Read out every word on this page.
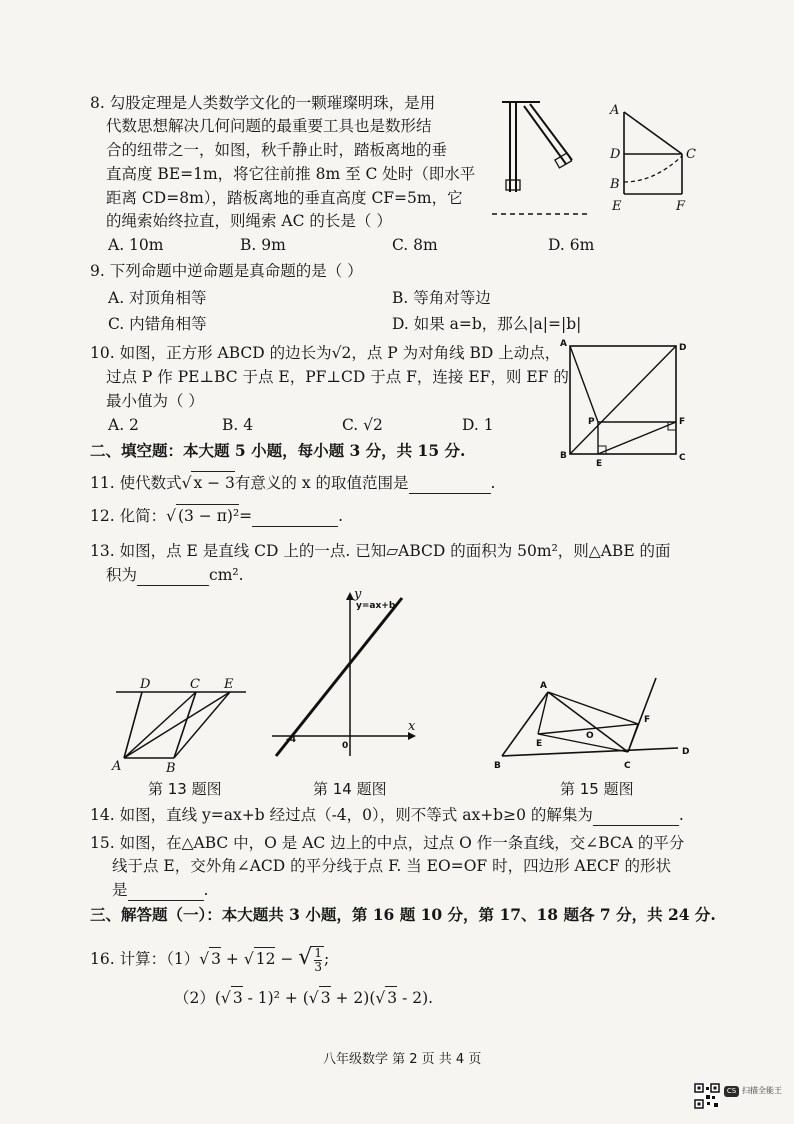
8. 勾股定理是人类数学文化的一颗璀璨明珠，是用
代数思想解决几何问题的最重要工具也是数形结
合的纽带之一，如图，秋千静止时，踏板离地的垂
直高度 BE=1m，将它往前推 8m 至 C 处时（即水平
距离 CD=8m），踏板离地的垂直高度 CF=5m，它
的绳索始终拉直，则绳索 AC 的长是（ ）
A. 10m	B. 9m	C. 8m	D. 6m
A
C
D
B
E	F
9. 下列命题中逆命题是真命题的是（ ）
A. 对顶角相等	B. 等角对等边
C. 内错角相等	D. 如果 a=b，那么|a|=|b|
10. 如图，正方形 ABCD 的边长为√2，点 P 为对角线 BD 上动点，
过点 P 作 PE⊥BC 于点 E，PF⊥CD 于点 F，连接 EF，则 EF 的
最小值为（ ）
A. 2	B. 4	C. √2	D. 1
A	D
P	F
B
E
C
二、填空题：本大题 5 小题，每小题 3 分，共 15 分.
11. 使代数式√ x − 3有意义的 x 的取值范围是	.
12. 化简：√ (3 − π)²=	.
13. 如图，点 E 是直线 CD 上的一点. 已知▱ABCD 的面积为 50m²，则△ABE 的面
积为	cm².
D	C E
A	B
y=ax+b
y
x
0
-4
A
F
E
O
B	C
D
第 13 题图	第 14 题图	第 15 题图
14. 如图，直线 y=ax+b 经过点（-4，0），则不等式 ax+b≥0 的解集为	.
15. 如图，在△ABC 中，O 是 AC 边上的中点，过点 O 作一条直线，交∠BCA 的平分
线于点 E，交外角∠ACD 的平分线于点 F. 当 EO=OF 时，四边形 AECF 的形状
是	.
三、解答题（一）：本大题共 3 小题，第 16 题 10 分，第 17、18 题各 7 分，共 24 分.
16. 计算：（1）√ 3 + √ 12 − √ $\frac{1}{3}$ ;
（2）(√ 3 - 1)² + (√ 3 + 2)(√ 3 - 2).
八年级数学 第 2 页 共 4 页
CS 扫描全能王
